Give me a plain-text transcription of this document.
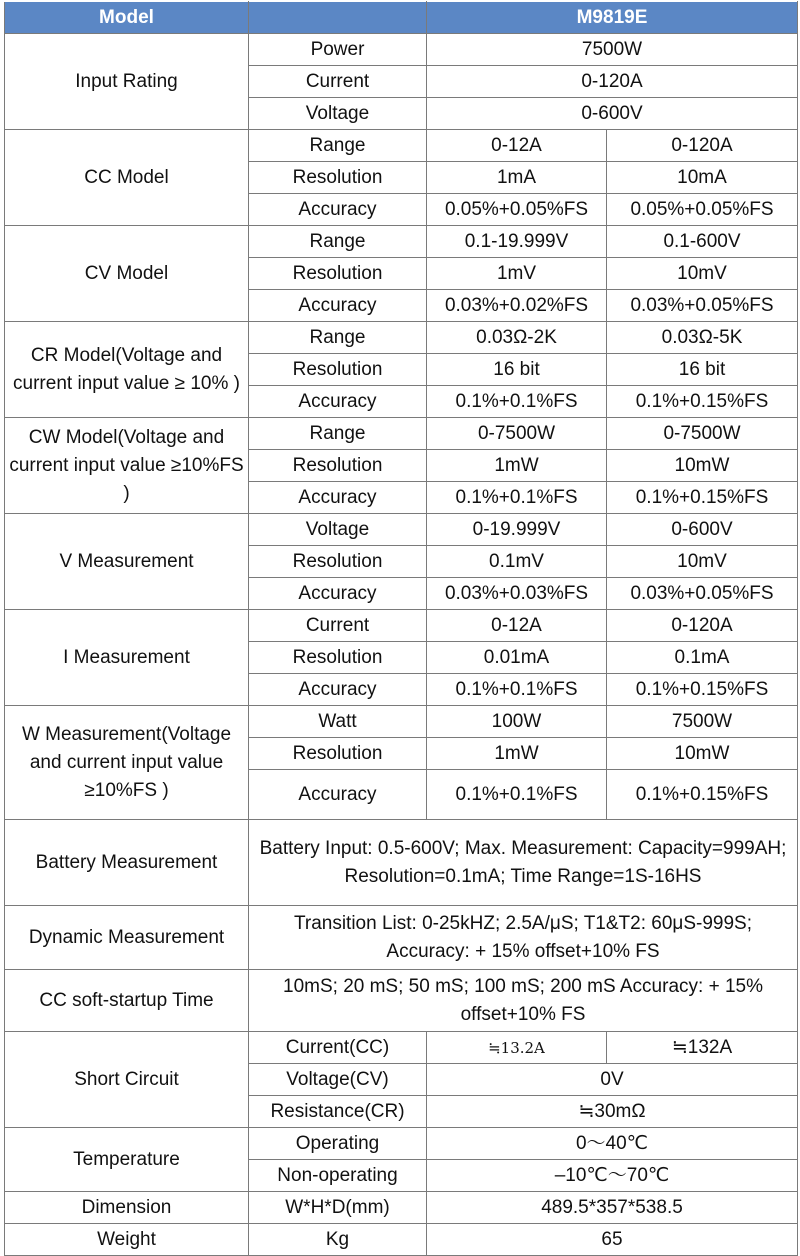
Model		M9819E	
Input Rating	Power	7500W	
	Current	0-120A	
	Voltage	0-600V	
CC Model	Range	0-12A	0-120A
	Resolution	1mA	10mA
	Accuracy	0.05%+0.05%FS	0.05%+0.05%FS
CV Model	Range	0.1-19.999V	0.1-600V
	Resolution	1mV	10mV
	Accuracy	0.03%+0.02%FS	0.03%+0.05%FS
CR Model(Voltage and current input value ≥ 10% )	Range	0.03Ω-2K	0.03Ω-5K
	Resolution	16 bit	16 bit
	Accuracy	0.1%+0.1%FS	0.1%+0.15%FS
CW Model(Voltage and current input value ≥10%FS )	Range	0-7500W	0-7500W
	Resolution	1mW	10mW
	Accuracy	0.1%+0.1%FS	0.1%+0.15%FS
V Measurement	Voltage	0-19.999V	0-600V
	Resolution	0.1mV	10mV
	Accuracy	0.03%+0.03%FS	0.03%+0.05%FS
I Measurement	Current	0-12A	0-120A
	Resolution	0.01mA	0.1mA
	Accuracy	0.1%+0.1%FS	0.1%+0.15%FS
W Measurement(Voltage and current input value ≥10%FS )	Watt	100W	7500W
	Resolution	1mW	10mW
	Accuracy	0.1%+0.1%FS	0.1%+0.15%FS
Battery Measurement	Battery Input: 0.5-600V; Max. Measurement: Capacity=999AH; Resolution=0.1mA; Time Range=1S-16HS		
Dynamic Measurement	Transition List: 0-25kHZ; 2.5A/μS; T1&T2: 60μS-999S; Accuracy: + 15% offset+10% FS		
CC soft-startup Time	10mS; 20 mS; 50 mS; 100 mS; 200 mS Accuracy: + 15% offset+10% FS		
Short Circuit	Current(CC)	≒13.2A	≒132A
	Voltage(CV)	0V	
	Resistance(CR)	≒30mΩ	
Temperature	Operating	0～40℃	
	Non-operating	–10℃～70℃	
Dimension	W*H*D(mm)	489.5*357*538.5	
Weight	Kg	65	
